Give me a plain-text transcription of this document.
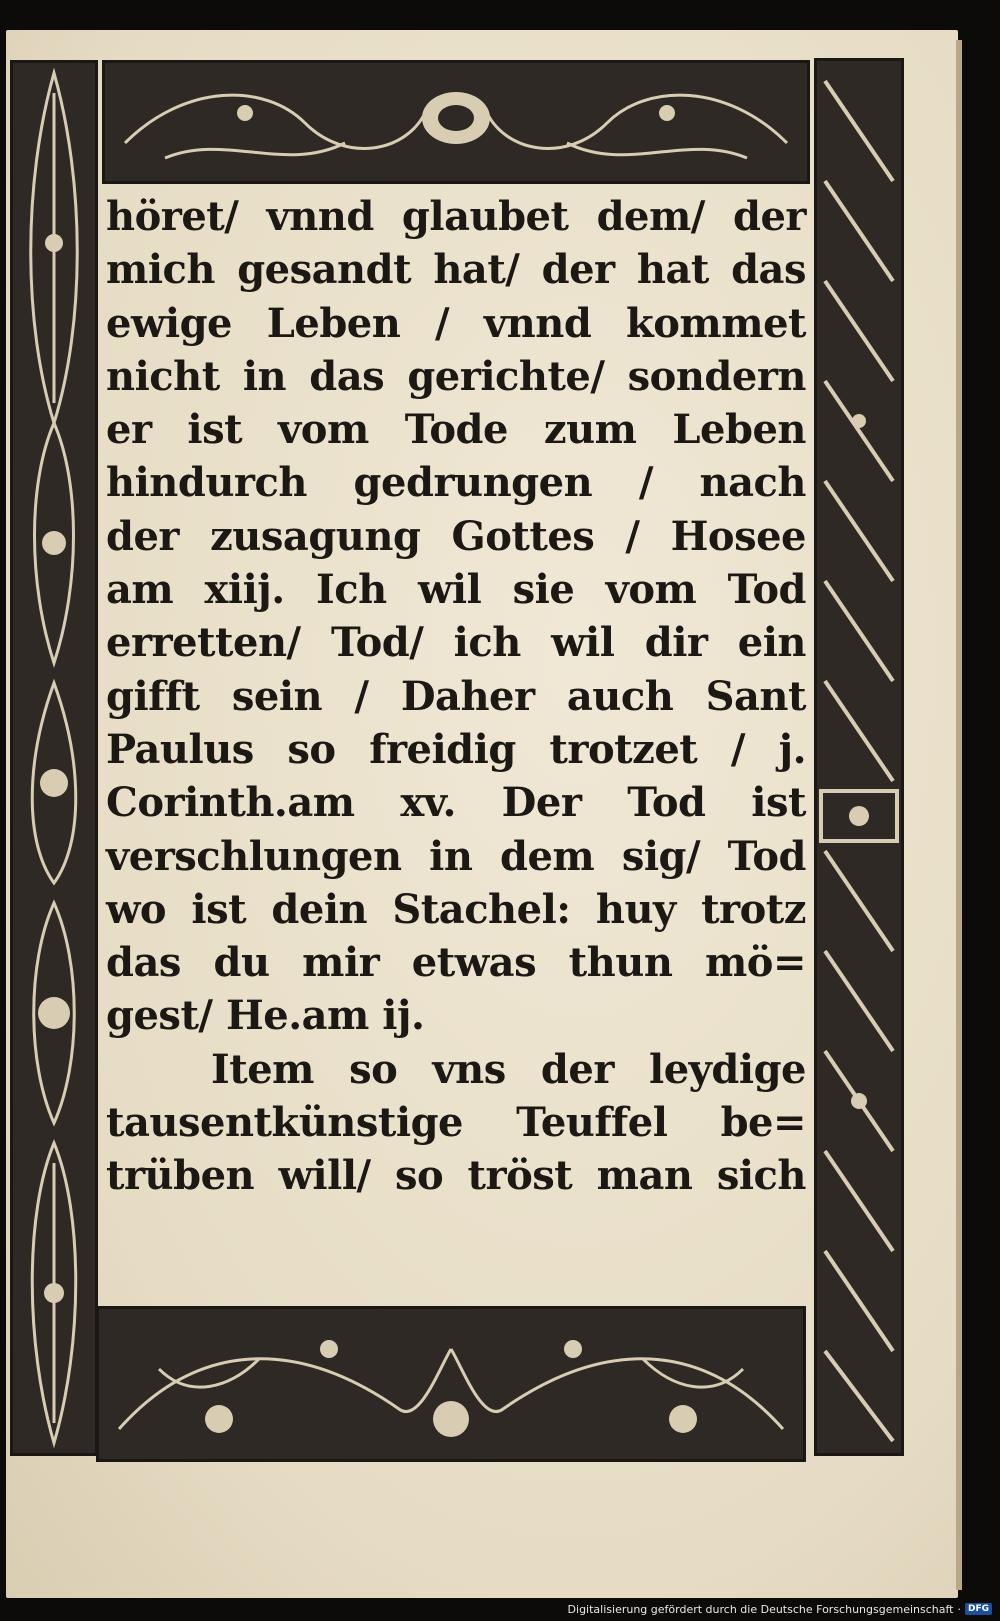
höret/ vnnd glaubet dem/ der
mich gesandt hat/ der hat das
ewige Leben / vnnd kommet
nicht in das gerichte/ sondern
er ist vom Tode zum Leben
hindurch gedrungen / nach
der zusagung Gottes / Hosee
am xiij. Ich wil sie vom Tod
erretten/ Tod/ ich wil dir ein
gifft sein / Daher auch Sant
Paulus so freidig trotzet / j.
Corinth.am xv. Der Tod ist
verschlungen in dem sig/ Tod
wo ist dein Stachel: huy trotz
das du mir etwas thun mö=
gest/ He.am ij.
Item so vns der leydige
tausentkünstige Teuffel be=
trüben will/ so tröst man sich
Digitalisierung gefördert durch die Deutsche Forschungsgemeinschaft · DFG
